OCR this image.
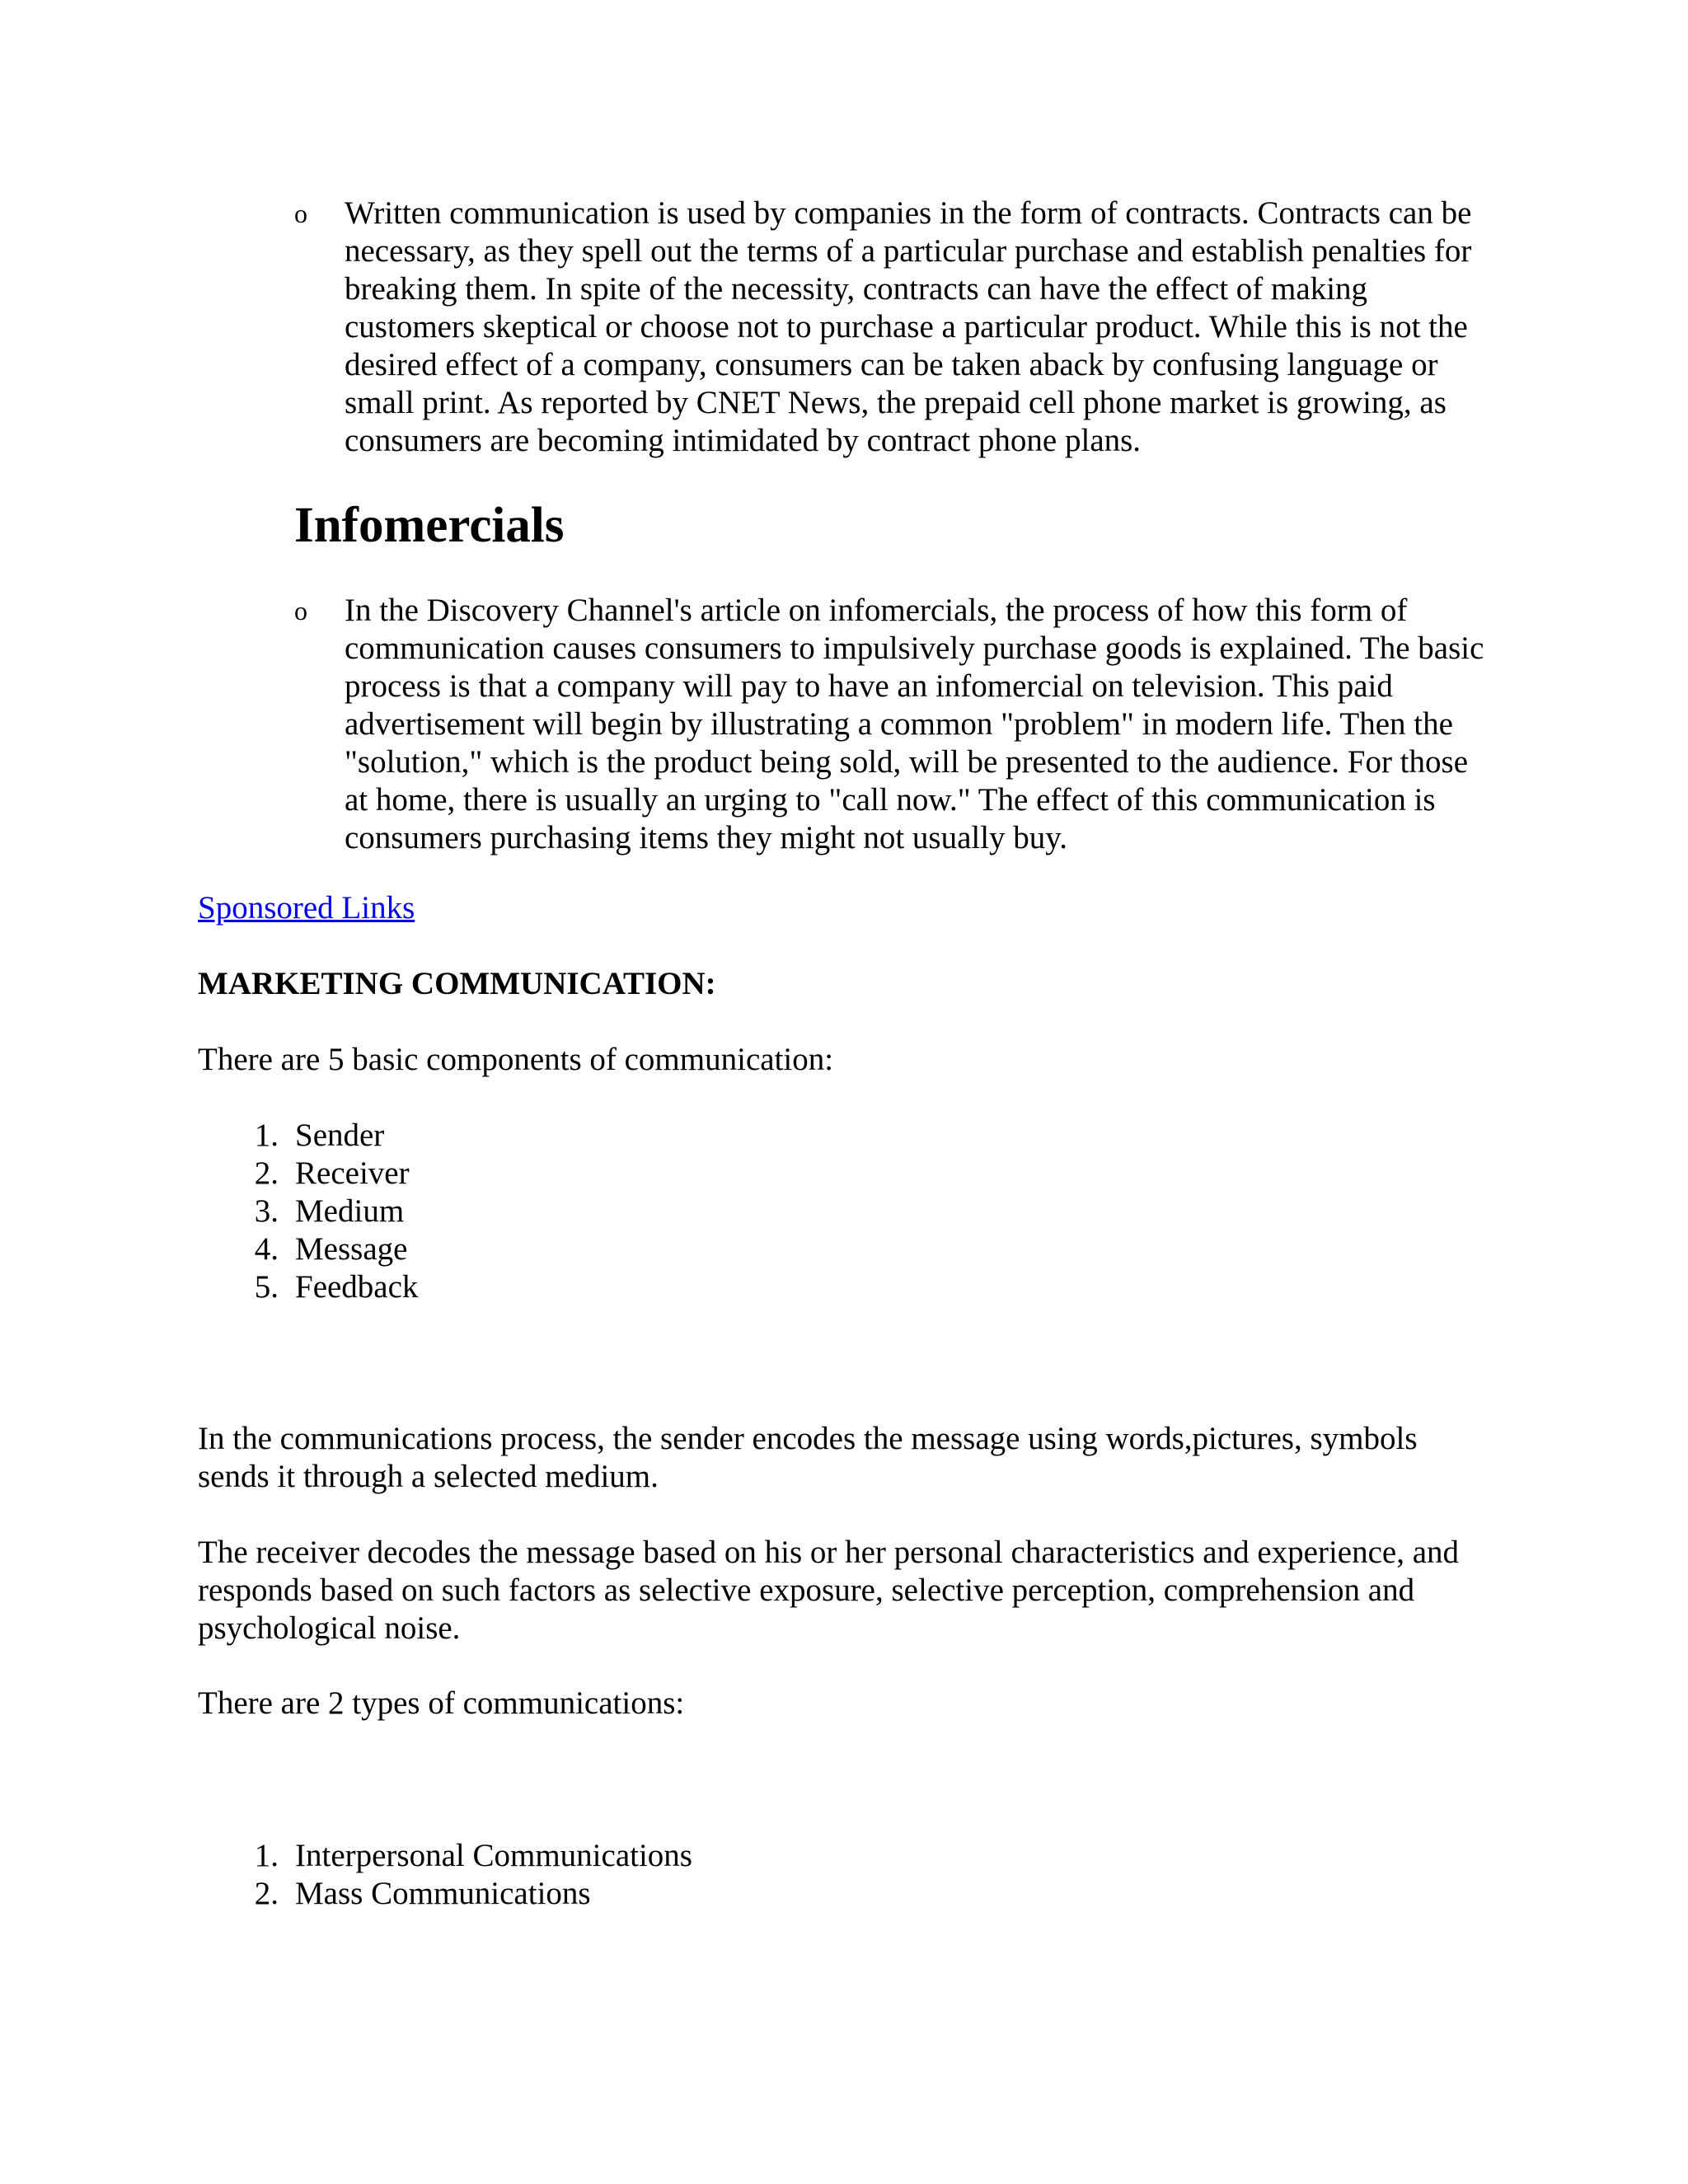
o Written communication is used by companies in the form of contracts. Contracts can be necessary, as they spell out the terms of a particular purchase and establish penalties for breaking them. In spite of the necessity, contracts can have the effect of making customers skeptical or choose not to purchase a particular product. While this is not the desired effect of a company, consumers can be taken aback by confusing language or small print. As reported by CNET News, the prepaid cell phone market is growing, as consumers are becoming intimidated by contract phone plans.
Infomercials
o In the Discovery Channel's article on infomercials, the process of how this form of communication causes consumers to impulsively purchase goods is explained. The basic process is that a company will pay to have an infomercial on television. This paid advertisement will begin by illustrating a common "problem" in modern life. Then the "solution," which is the product being sold, will be presented to the audience. For those at home, there is usually an urging to "call now." The effect of this communication is consumers purchasing items they might not usually buy.
Sponsored Links
MARKETING COMMUNICATION:
There are 5 basic components of communication:
1. Sender
2. Receiver
3. Medium
4. Message
5. Feedback
In the communications process, the sender encodes the message using words,pictures, symbols sends it through a selected medium.
The receiver decodes the message based on his or her personal characteristics and experience, and responds based on such factors as selective exposure, selective perception, comprehension and psychological noise.
There are 2 types of communications:
1. Interpersonal Communications
2. Mass Communications
